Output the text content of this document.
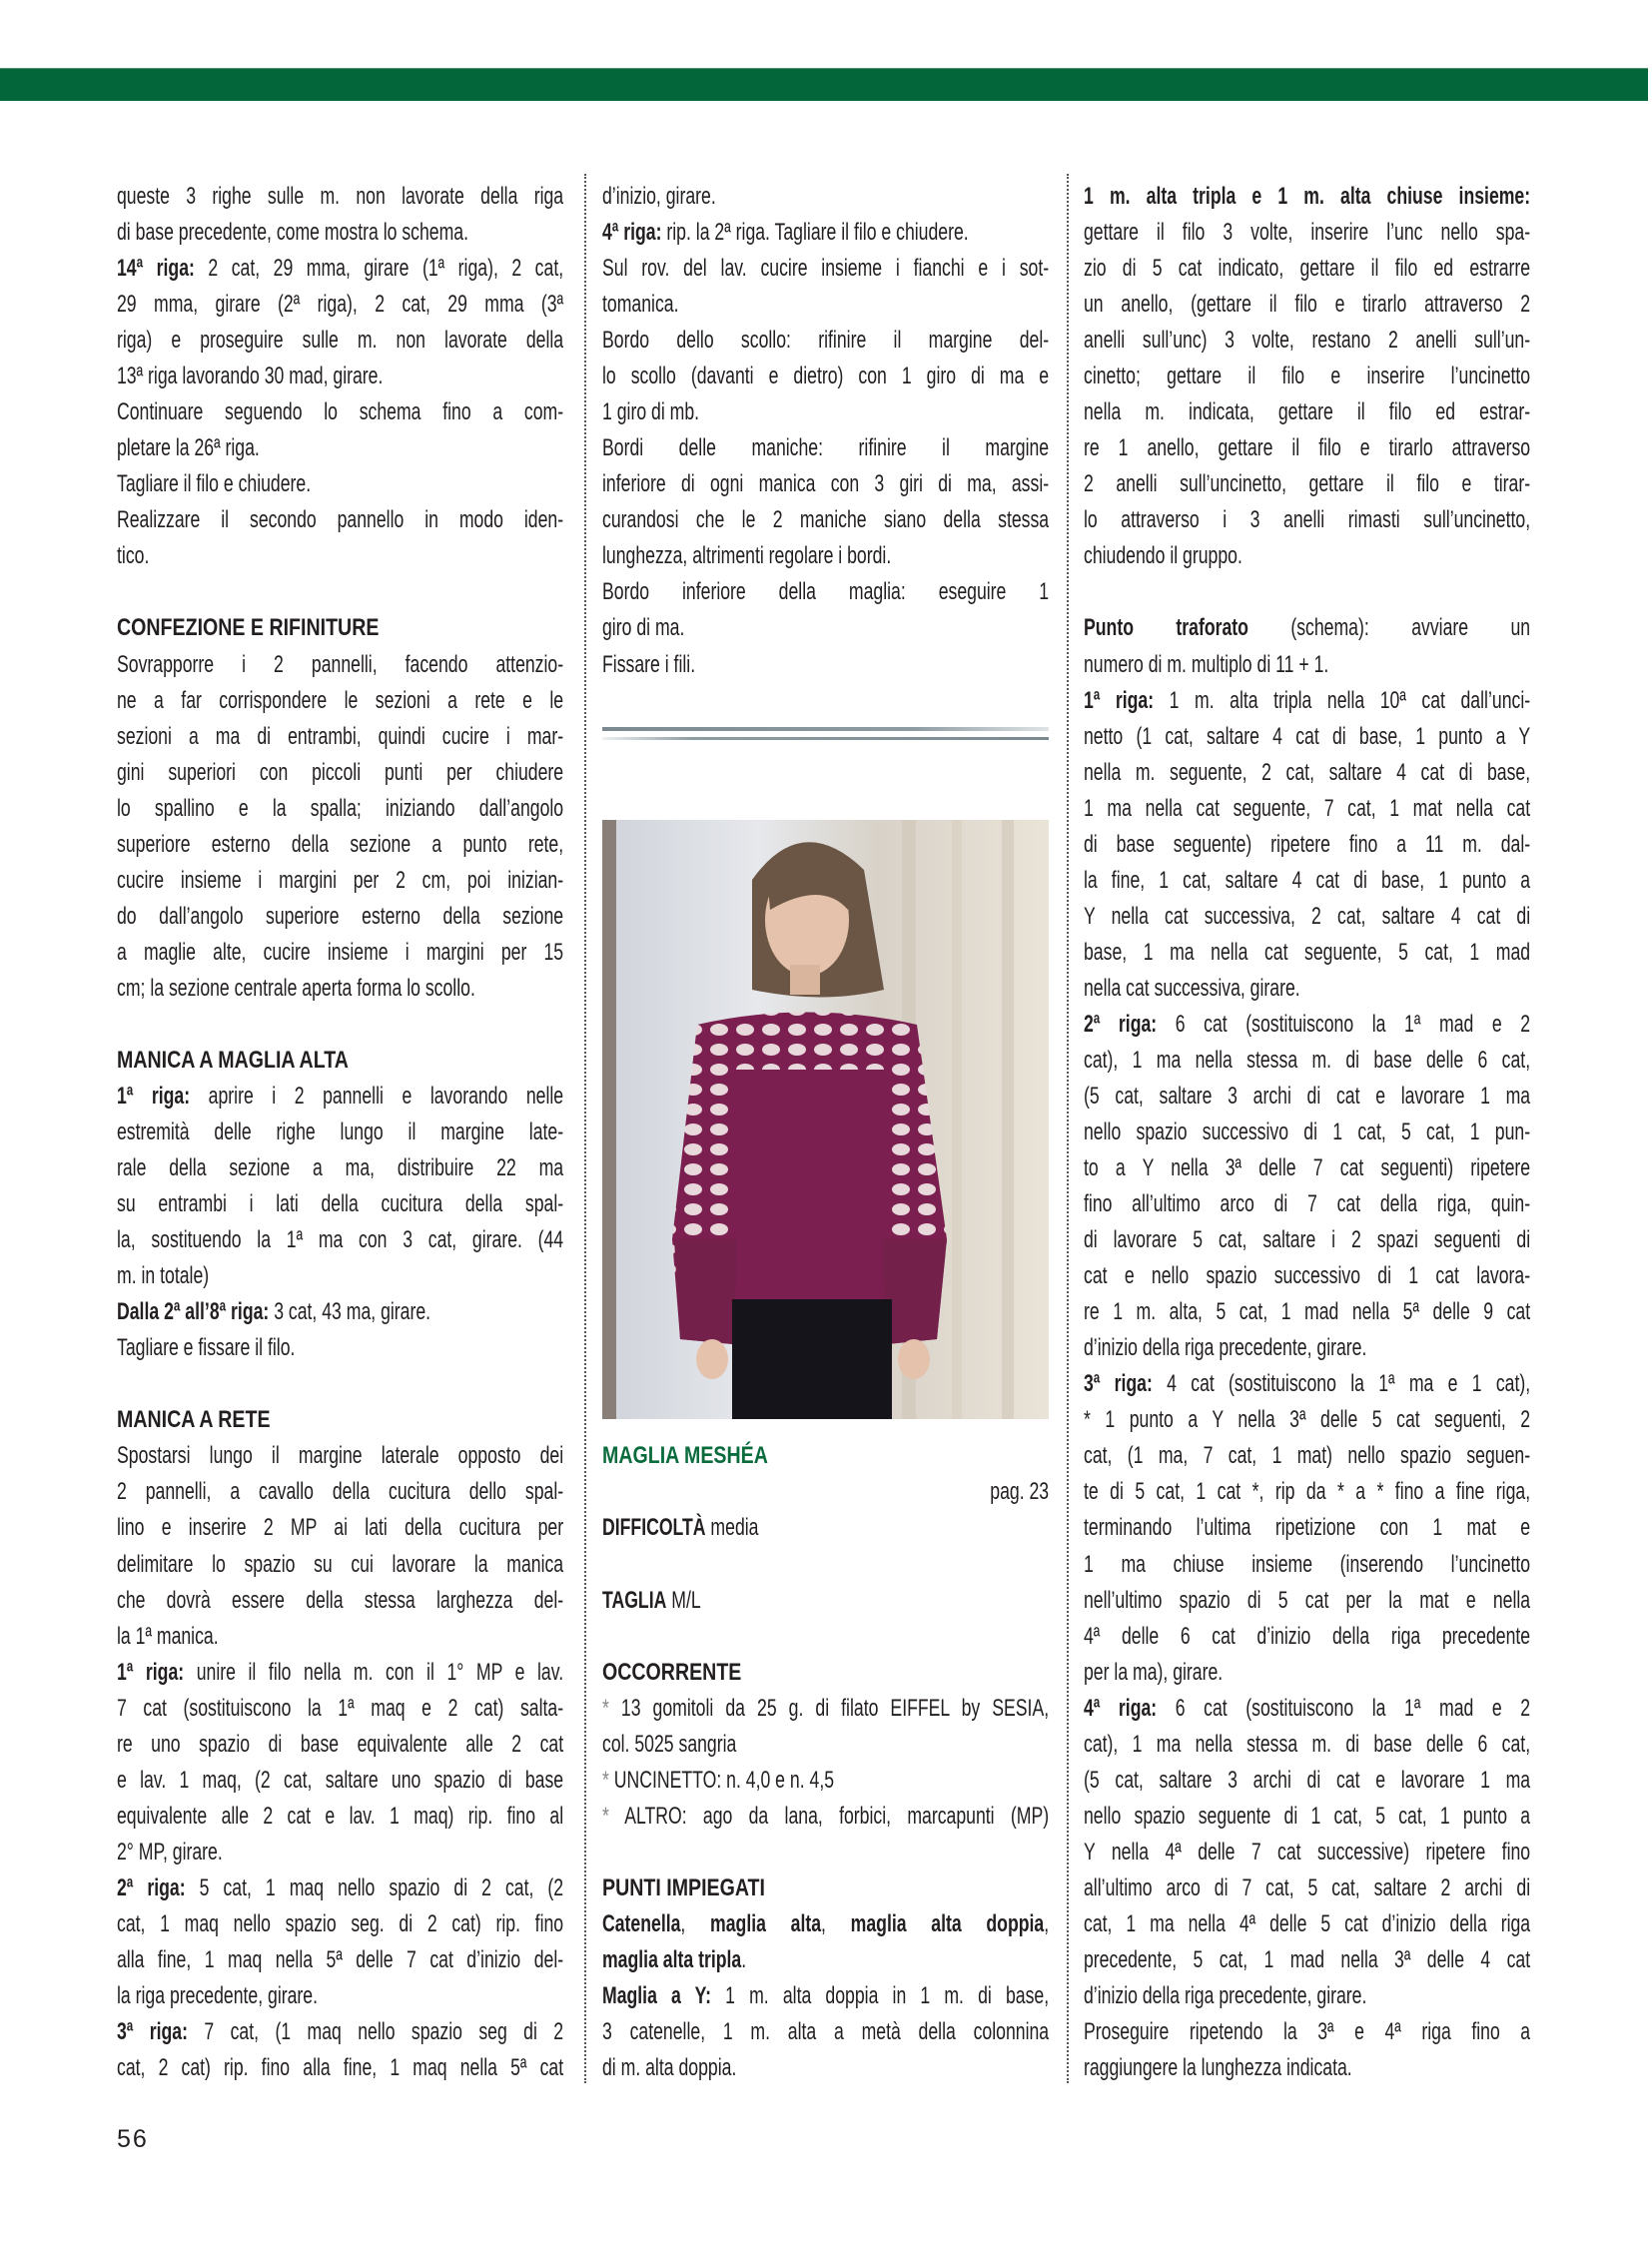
queste 3 righe sulle m. non lavorate della riga
di base precedente, come mostra lo schema.
14ª riga: 2 cat, 29 mma, girare (1ª riga), 2 cat,
29 mma, girare (2ª riga), 2 cat, 29 mma (3ª
riga) e proseguire sulle m. non lavorate della
13ª riga lavorando 30 mad, girare.
Continuare seguendo lo schema fino a com-
pletare la 26ª riga.
Tagliare il filo e chiudere.
Realizzare il secondo pannello in modo iden-
tico.
CONFEZIONE E RIFINITURE
Sovrapporre i 2 pannelli, facendo attenzio-
ne a far corrispondere le sezioni a rete e le
sezioni a ma di entrambi, quindi cucire i mar-
gini superiori con piccoli punti per chiudere
lo spallino e la spalla; iniziando dall’angolo
superiore esterno della sezione a punto rete,
cucire insieme i margini per 2 cm, poi inizian-
do dall’angolo superiore esterno della sezione
a maglie alte, cucire insieme i margini per 15
cm; la sezione centrale aperta forma lo scollo.
MANICA A MAGLIA ALTA
1ª riga: aprire i 2 pannelli e lavorando nelle
estremità delle righe lungo il margine late-
rale della sezione a ma, distribuire 22 ma
su entrambi i lati della cucitura della spal-
la, sostituendo la 1ª ma con 3 cat, girare. (44
m. in totale)
Dalla 2ª all’8ª riga: 3 cat, 43 ma, girare.
Tagliare e fissare il filo.
MANICA A RETE
Spostarsi lungo il margine laterale opposto dei
2 pannelli, a cavallo della cucitura dello spal-
lino e inserire 2 MP ai lati della cucitura per
delimitare lo spazio su cui lavorare la manica
che dovrà essere della stessa larghezza del-
la 1ª manica.
1ª riga: unire il filo nella m. con il 1° MP e lav.
7 cat (sostituiscono la 1ª maq e 2 cat) salta-
re uno spazio di base equivalente alle 2 cat
e lav. 1 maq, (2 cat, saltare uno spazio di base
equivalente alle 2 cat e lav. 1 maq) rip. fino al
2° MP, girare.
2ª riga: 5 cat, 1 maq nello spazio di 2 cat, (2
cat, 1 maq nello spazio seg. di 2 cat) rip. fino
alla fine, 1 maq nella 5ª delle 7 cat d’inizio del-
la riga precedente, girare.
3ª riga: 7 cat, (1 maq nello spazio seg di 2
cat, 2 cat) rip. fino alla fine, 1 maq nella 5ª cat
d’inizio, girare.
4ª riga: rip. la 2ª riga. Tagliare il filo e chiudere.
Sul rov. del lav. cucire insieme i fianchi e i sot-
tomanica.
Bordo dello scollo: rifinire il margine del-
lo scollo (davanti e dietro) con 1 giro di ma e
1 giro di mb.
Bordi delle maniche: rifinire il margine
inferiore di ogni manica con 3 giri di ma, assi-
curandosi che le 2 maniche siano della stessa
lunghezza, altrimenti regolare i bordi.
Bordo inferiore della maglia: eseguire 1
giro di ma.
Fissare i fili.
MAGLIA MESHÉA
pag. 23
DIFFICOLTÀ media
TAGLIA M/L
OCCORRENTE
* 13 gomitoli da 25 g. di filato EIFFEL by SESIA,
col. 5025 sangria
* UNCINETTO: n. 4,0 e n. 4,5
* ALTRO: ago da lana, forbici, marcapunti (MP)
PUNTI IMPIEGATI
Catenella, maglia alta, maglia alta doppia,
maglia alta tripla.
Maglia a Y: 1 m. alta doppia in 1 m. di base,
3 catenelle, 1 m. alta a metà della colonnina
di m. alta doppia.
1 m. alta tripla e 1 m. alta chiuse insieme:
gettare il filo 3 volte, inserire l’unc nello spa-
zio di 5 cat indicato, gettare il filo ed estrarre
un anello, (gettare il filo e tirarlo attraverso 2
anelli sull’unc) 3 volte, restano 2 anelli sull’un-
cinetto; gettare il filo e inserire l’uncinetto
nella m. indicata, gettare il filo ed estrar-
re 1 anello, gettare il filo e tirarlo attraverso
2 anelli sull’uncinetto, gettare il filo e tirar-
lo attraverso i 3 anelli rimasti sull’uncinetto,
chiudendo il gruppo.
Punto traforato (schema): avviare un
numero di m. multiplo di 11 + 1.
1ª riga: 1 m. alta tripla nella 10ª cat dall’unci-
netto (1 cat, saltare 4 cat di base, 1 punto a Y
nella m. seguente, 2 cat, saltare 4 cat di base,
1 ma nella cat seguente, 7 cat, 1 mat nella cat
di base seguente) ripetere fino a 11 m. dal-
la fine, 1 cat, saltare 4 cat di base, 1 punto a
Y nella cat successiva, 2 cat, saltare 4 cat di
base, 1 ma nella cat seguente, 5 cat, 1 mad
nella cat successiva, girare.
2ª riga: 6 cat (sostituiscono la 1ª mad e 2
cat), 1 ma nella stessa m. di base delle 6 cat,
(5 cat, saltare 3 archi di cat e lavorare 1 ma
nello spazio successivo di 1 cat, 5 cat, 1 pun-
to a Y nella 3ª delle 7 cat seguenti) ripetere
fino all’ultimo arco di 7 cat della riga, quin-
di lavorare 5 cat, saltare i 2 spazi seguenti di
cat e nello spazio successivo di 1 cat lavora-
re 1 m. alta, 5 cat, 1 mad nella 5ª delle 9 cat
d’inizio della riga precedente, girare.
3ª riga: 4 cat (sostituiscono la 1ª ma e 1 cat),
* 1 punto a Y nella 3ª delle 5 cat seguenti, 2
cat, (1 ma, 7 cat, 1 mat) nello spazio seguen-
te di 5 cat, 1 cat *, rip da * a * fino a fine riga,
terminando l’ultima ripetizione con 1 mat e
1 ma chiuse insieme (inserendo l’uncinetto
nell’ultimo spazio di 5 cat per la mat e nella
4ª delle 6 cat d’inizio della riga precedente
per la ma), girare.
4ª riga: 6 cat (sostituiscono la 1ª mad e 2
cat), 1 ma nella stessa m. di base delle 6 cat,
(5 cat, saltare 3 archi di cat e lavorare 1 ma
nello spazio seguente di 1 cat, 5 cat, 1 punto a
Y nella 4ª delle 7 cat successive) ripetere fino
all’ultimo arco di 7 cat, 5 cat, saltare 2 archi di
cat, 1 ma nella 4ª delle 5 cat d’inizio della riga
precedente, 5 cat, 1 mad nella 3ª delle 4 cat
d’inizio della riga precedente, girare.
Proseguire ripetendo la 3ª e 4ª riga fino a
raggiungere la lunghezza indicata.
56
